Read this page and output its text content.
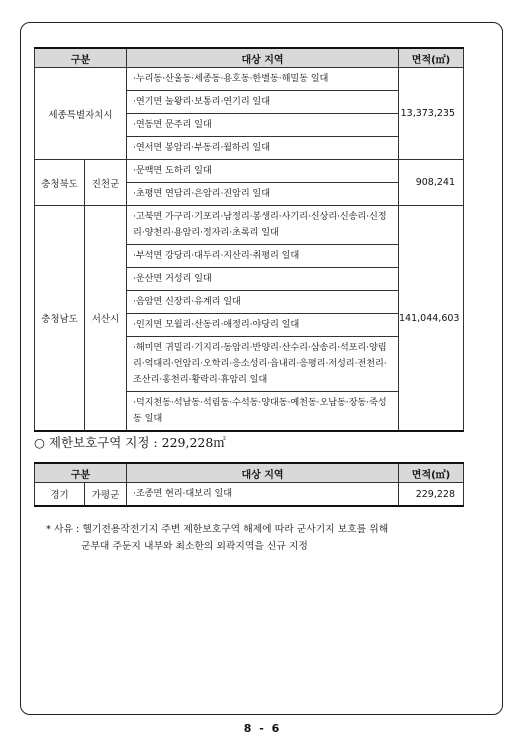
구분		대상 지역	면적(㎡)
세종특별자치시		·누리동·산울동·세종동·용호동·한별동·해밀동 일대	13,373,235
		·연기면 눌왕리·보통리·연기리 일대	
		·연동면 문주리 일대	
		·연서면 봉암리·부동리·월하리 일대	
충청북도	진천군	·문백면 도하리 일대	908,241
		·초평면 연담리·은암리·진암리 일대	
충청남도	서산시	·고북면 가구리·기포리·남정리·봉생리·사기리·신상리·신송리·신정리·양천리·용암리·정자리·초록리 일대	141,044,603
		·부석면 강당리·대두리·지산리·취평리 일대	
		·운산면 거성리 일대	
		·음암면 신장리·유계리 일대	
		·인지면 모월리·산동리·애정리·야당리 일대	
		·해미면 귀밀리·기지리·동암리·반양리·산수리·삼송리·석포리·양림리·억대리·언암리·오학리·응소성리·읍내리·응평리·저성리·전천리·조산리·홍천리·황락리·휴암리 일대	
		·덕지천동·석남동·석림동·수석동·양대동·예천동·오남동·장동·죽성동 일대	
○ 제한보호구역 지정 : 229,228㎡
구분		대상 지역	면적(㎡)
경기	가평군	·조종면 현리·대보리 일대	229,228
* 사유 : 헬기전용작전기지 주변 제한보호구역 해제에 따라 군사기지 보호를 위해
군부대 주둔지 내부와 최소한의 외곽지역을 신규 지정
8 - 6
